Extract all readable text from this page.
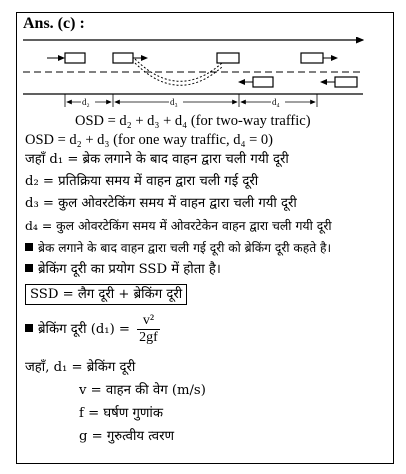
Ans. (c) :
d₂	d₃	d₄
OSD = d₂ + d₃ + d₄ (for two-way traffic)
OSD = d₂ + d₃ (for one way traffic, d₄ = 0)
जहाँ d₁ = ब्रेक लगाने के बाद वाहन द्वारा चली गयी दूरी
d₂ = प्रतिक्रिया समय में वाहन द्वारा चली गई दूरी
d₃ = कुल ओवरटेकिंग समय में वाहन द्वारा चली गयी दूरी
d₄ = कुल ओवरटेकिंग समय में ओवरटेकेन वाहन द्वारा चली गयी दूरी
ब्रेक लगाने के बाद वाहन द्वारा चली गई दूरी को ब्रेकिंग दूरी कहते है।
ब्रेकिंग दूरी का प्रयोग SSD में होता है।
SSD = लैग दूरी + ब्रेकिंग दूरी
ब्रेकिंग दूरी $(d_1) = \frac{\text{v²}}{2gf}$
जहाँ, d₁ = ब्रेकिंग दूरी
v = वाहन की वेग (m/s)
f = घर्षण गुणांक
g = गुरुत्वीय त्वरण
